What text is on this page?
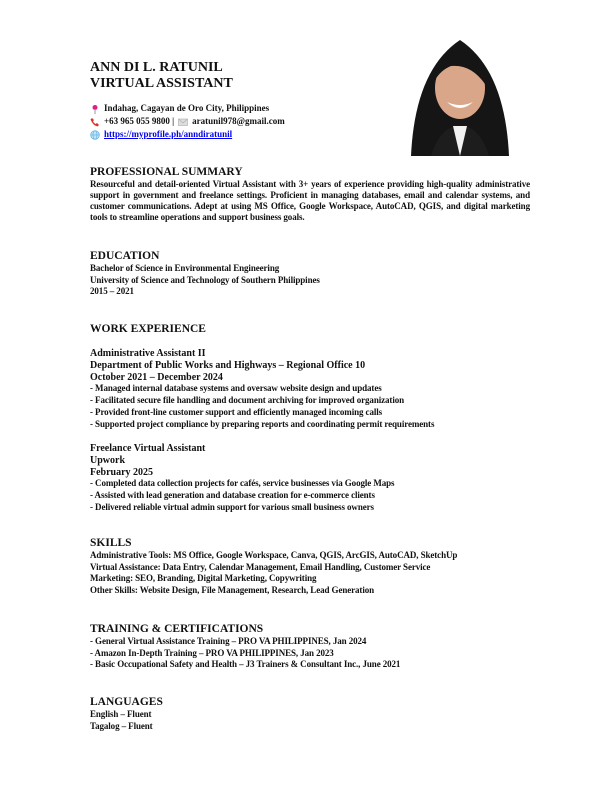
ANN DI L. RATUNIL
VIRTUAL ASSISTANT
Indahag, Cagayan de Oro City, Philippines
+63 965 055 9800 | aratunil978@gmail.com
https://myprofile.ph/anndiratunil
PROFESSIONAL SUMMARY
Resourceful and detail-oriented Virtual Assistant with 3+ years of experience providing high-quality administrative support in government and freelance settings. Proficient in managing databases, email and calendar systems, and customer communications. Adept at using MS Office, Google Workspace, AutoCAD, QGIS, and digital marketing tools to streamline operations and support business goals.
EDUCATION
Bachelor of Science in Environmental Engineering
University of Science and Technology of Southern Philippines
2015 – 2021
WORK EXPERIENCE
Administrative Assistant II
Department of Public Works and Highways – Regional Office 10
October 2021 – December 2024
- Managed internal database systems and oversaw website design and updates
- Facilitated secure file handling and document archiving for improved organization
- Provided front-line customer support and efficiently managed incoming calls
- Supported project compliance by preparing reports and coordinating permit requirements
Freelance Virtual Assistant
Upwork
February 2025
- Completed data collection projects for cafés, service businesses via Google Maps
- Assisted with lead generation and database creation for e-commerce clients
- Delivered reliable virtual admin support for various small business owners
SKILLS
Administrative Tools: MS Office, Google Workspace, Canva, QGIS, ArcGIS, AutoCAD, SketchUp
Virtual Assistance: Data Entry, Calendar Management, Email Handling, Customer Service
Marketing: SEO, Branding, Digital Marketing, Copywriting
Other Skills: Website Design, File Management, Research, Lead Generation
TRAINING & CERTIFICATIONS
- General Virtual Assistance Training – PRO VA PHILIPPINES, Jan 2024
- Amazon In-Depth Training – PRO VA PHILIPPINES, Jan 2023
- Basic Occupational Safety and Health – J3 Trainers & Consultant Inc., June 2021
LANGUAGES
English – Fluent
Tagalog – Fluent
